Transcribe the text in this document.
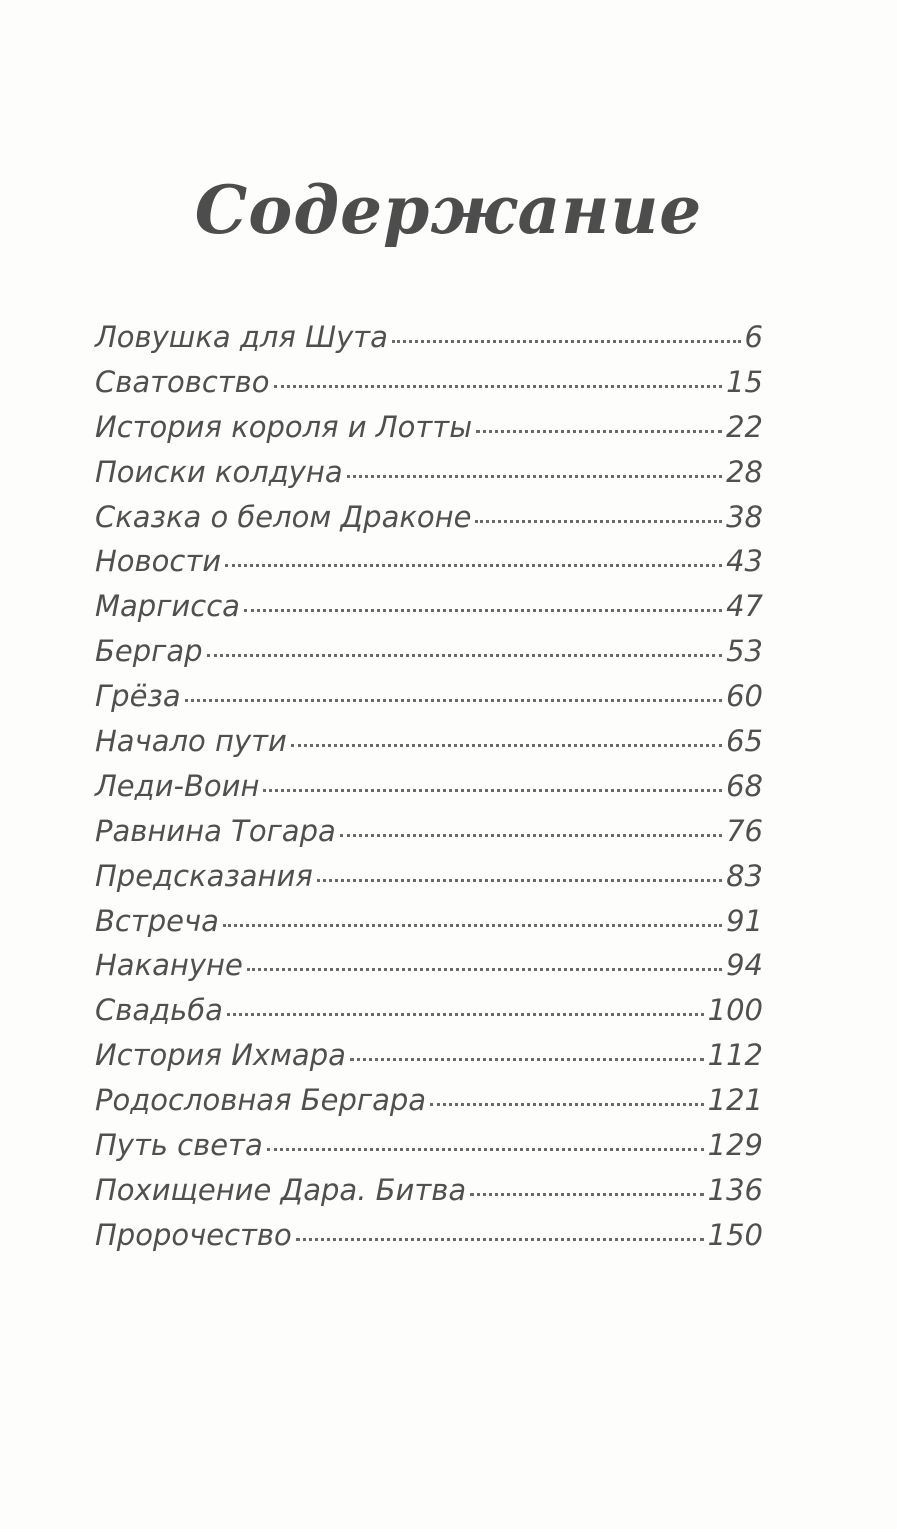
Содержание
Ловушка для Шута	6
Сватовство	15
История короля и Лотты	22
Поиски колдуна	28
Сказка о белом Драконе	38
Новости	43
Маргисса	47
Бергар	53
Грёза	60
Начало пути	65
Леди-Воин	68
Равнина Тогара	76
Предсказания	83
Встреча	91
Накануне	94
Свадьба	100
История Ихмара	112
Родословная Бергара	121
Путь света	129
Похищение Дара. Битва	136
Пророчество	150
